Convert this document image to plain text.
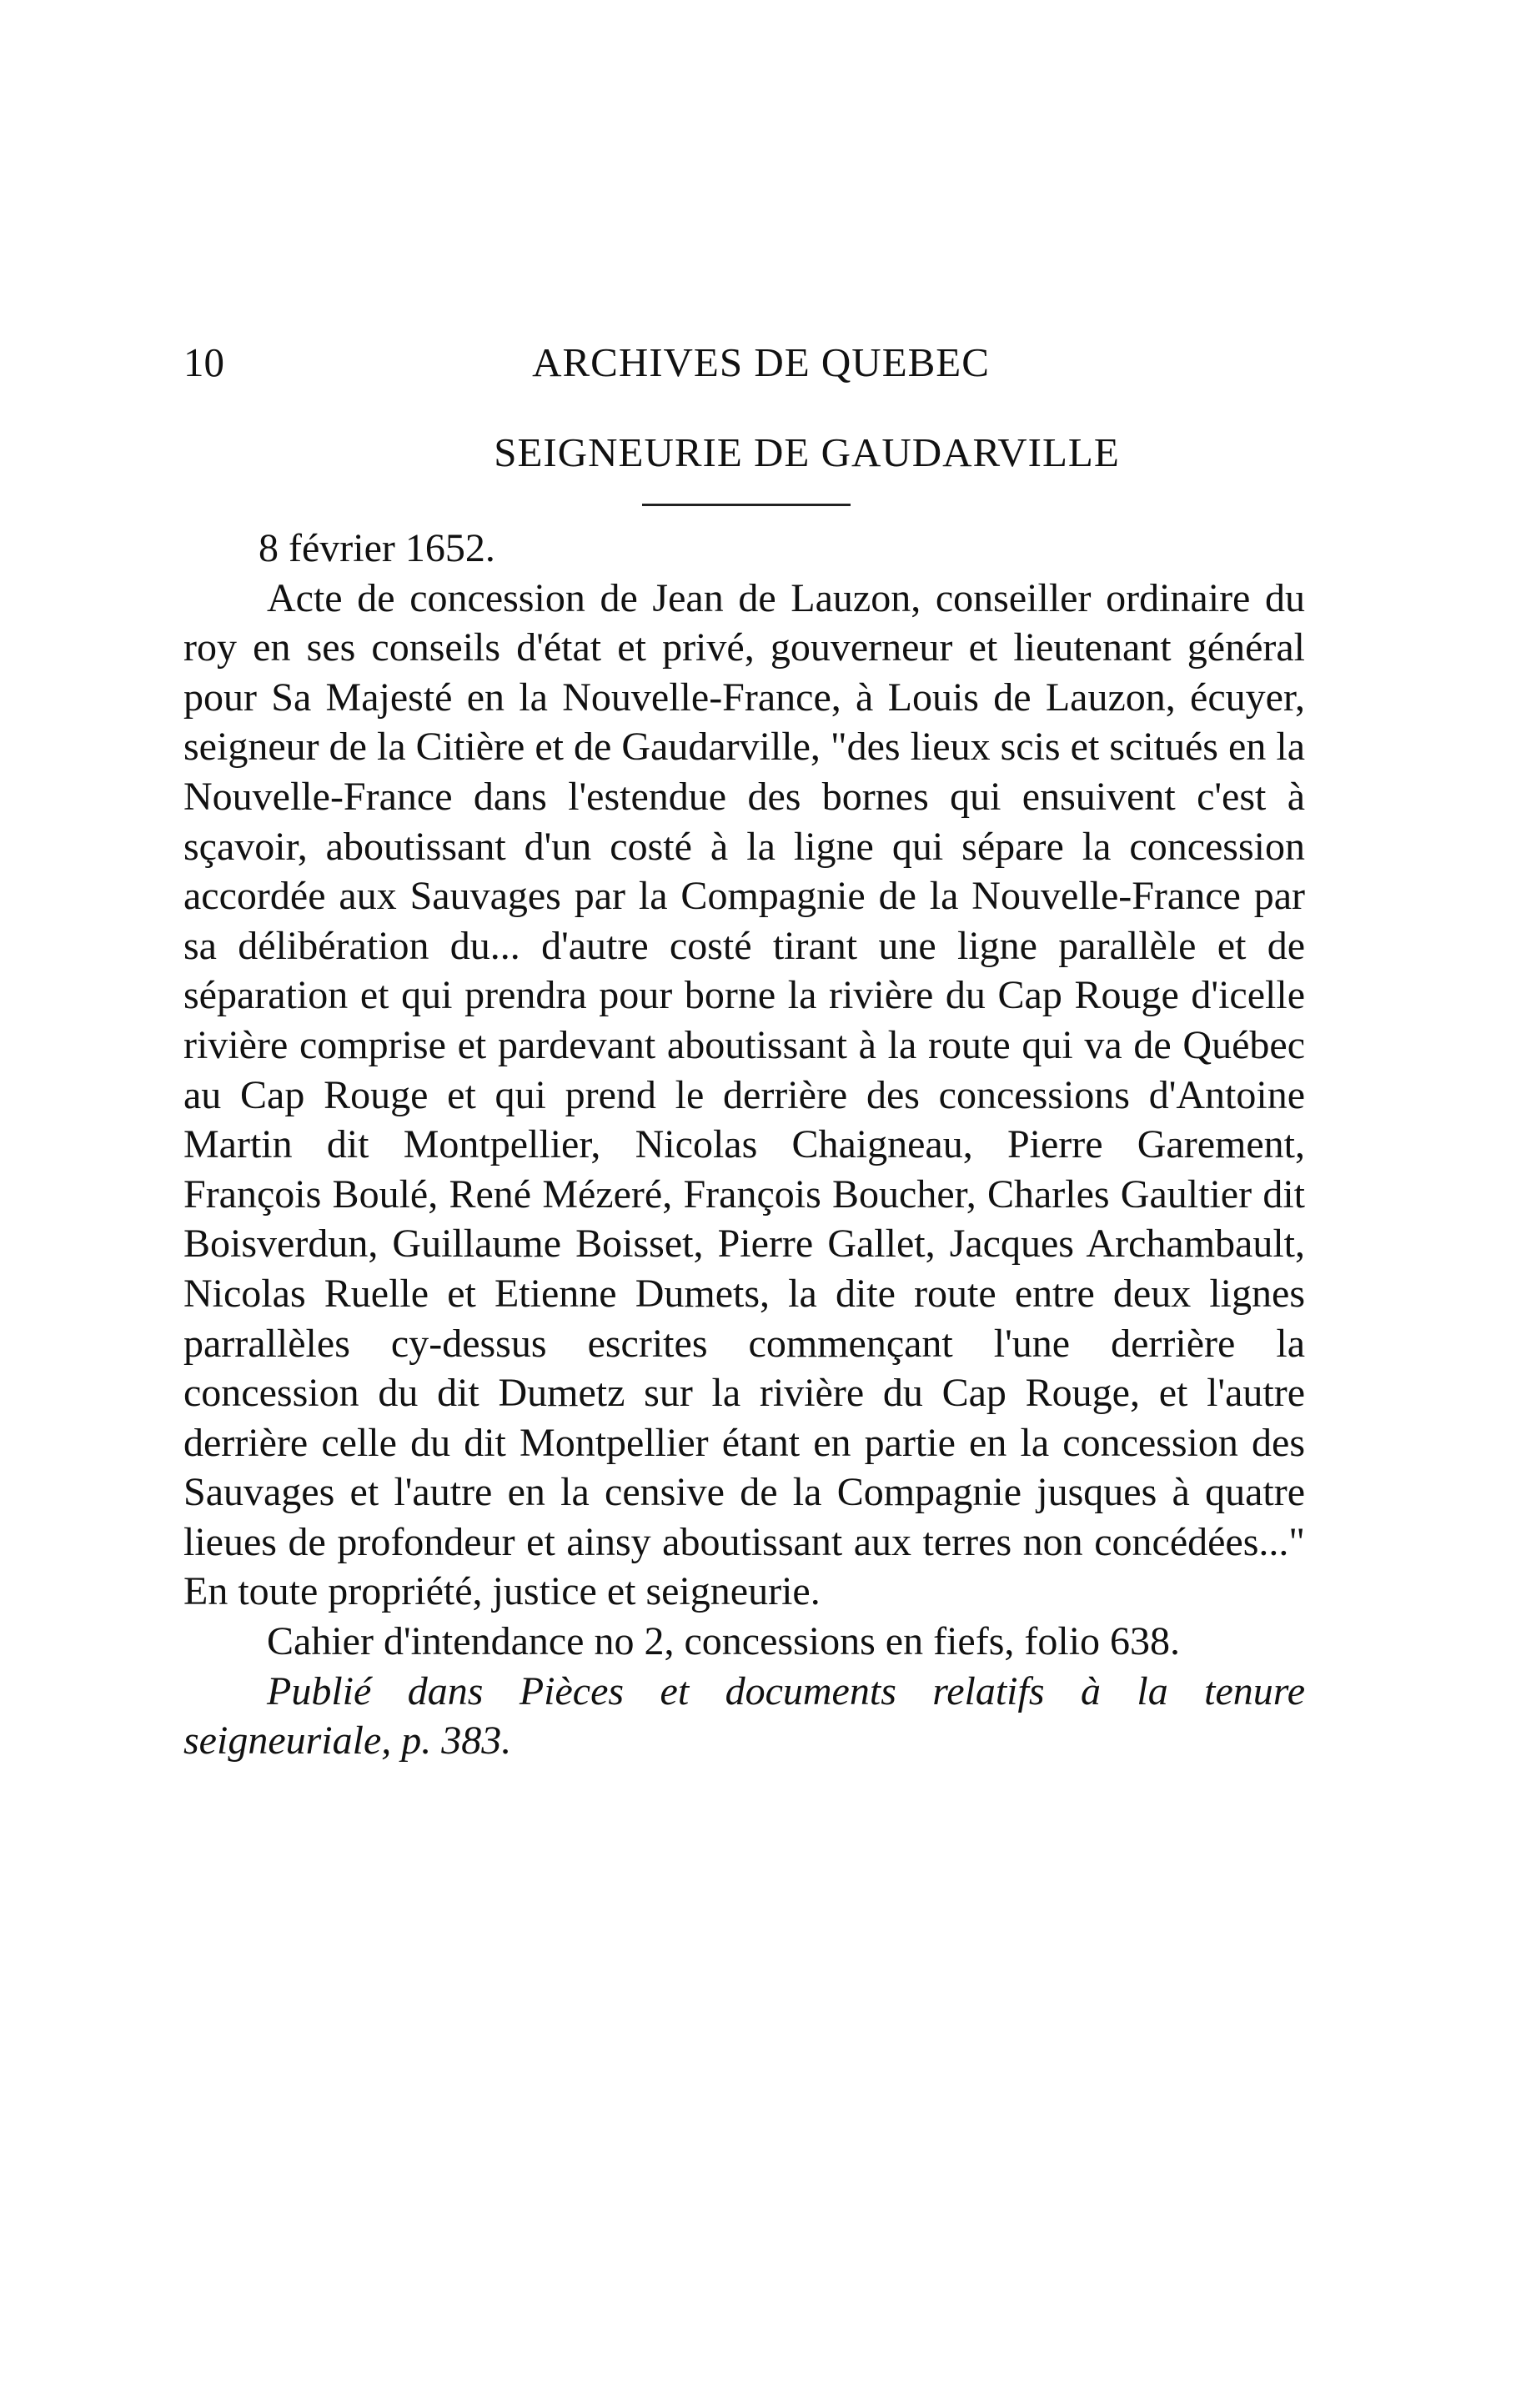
10	ARCHIVES DE QUEBEC
SEIGNEURIE DE GAUDARVILLE

8 février 1652.

Acte de concession de Jean de Lauzon, conseiller ordinaire du roy en ses conseils d'état et privé, gouverneur et lieutenant général pour Sa Majesté en la Nouvelle-France, à Louis de Lauzon, écuyer, seigneur de la Citière et de Gaudarville, "des lieux scis et scitués en la Nouvelle-France dans l'estendue des bornes qui ensuivent c'est à sçavoir, aboutissant d'un costé à la ligne qui sépare la concession accordée aux Sauvages par la Compagnie de la Nouvelle-France par sa délibération du... d'autre costé tirant une ligne parallèle et de séparation et qui prendra pour borne la rivière du Cap Rouge d'icelle rivière comprise et pardevant aboutissant à la route qui va de Québec au Cap Rouge et qui prend le derrière des concessions d'Antoine Martin dit Montpellier, Nicolas Chaigneau, Pierre Garement, François Boulé, René Mézeré, François Boucher, Charles Gaultier dit Boisverdun, Guillaume Boisset, Pierre Gallet, Jacques Archambault, Nicolas Ruelle et Etienne Dumets, la dite route entre deux lignes parrallèles cy-dessus escrites commençant l'une derrière la concession du dit Dumetz sur la rivière du Cap Rouge, et l'autre derrière celle du dit Montpellier étant en partie en la concession des Sauvages et l'autre en la censive de la Compagnie jusques à quatre lieues de profondeur et ainsy aboutissant aux terres non concédées..." En toute propriété, justice et seigneurie.

Cahier d'intendance no 2, concessions en fiefs, folio 638.

Publié dans Pièces et documents relatifs à la tenure seigneuriale, p. 383.
